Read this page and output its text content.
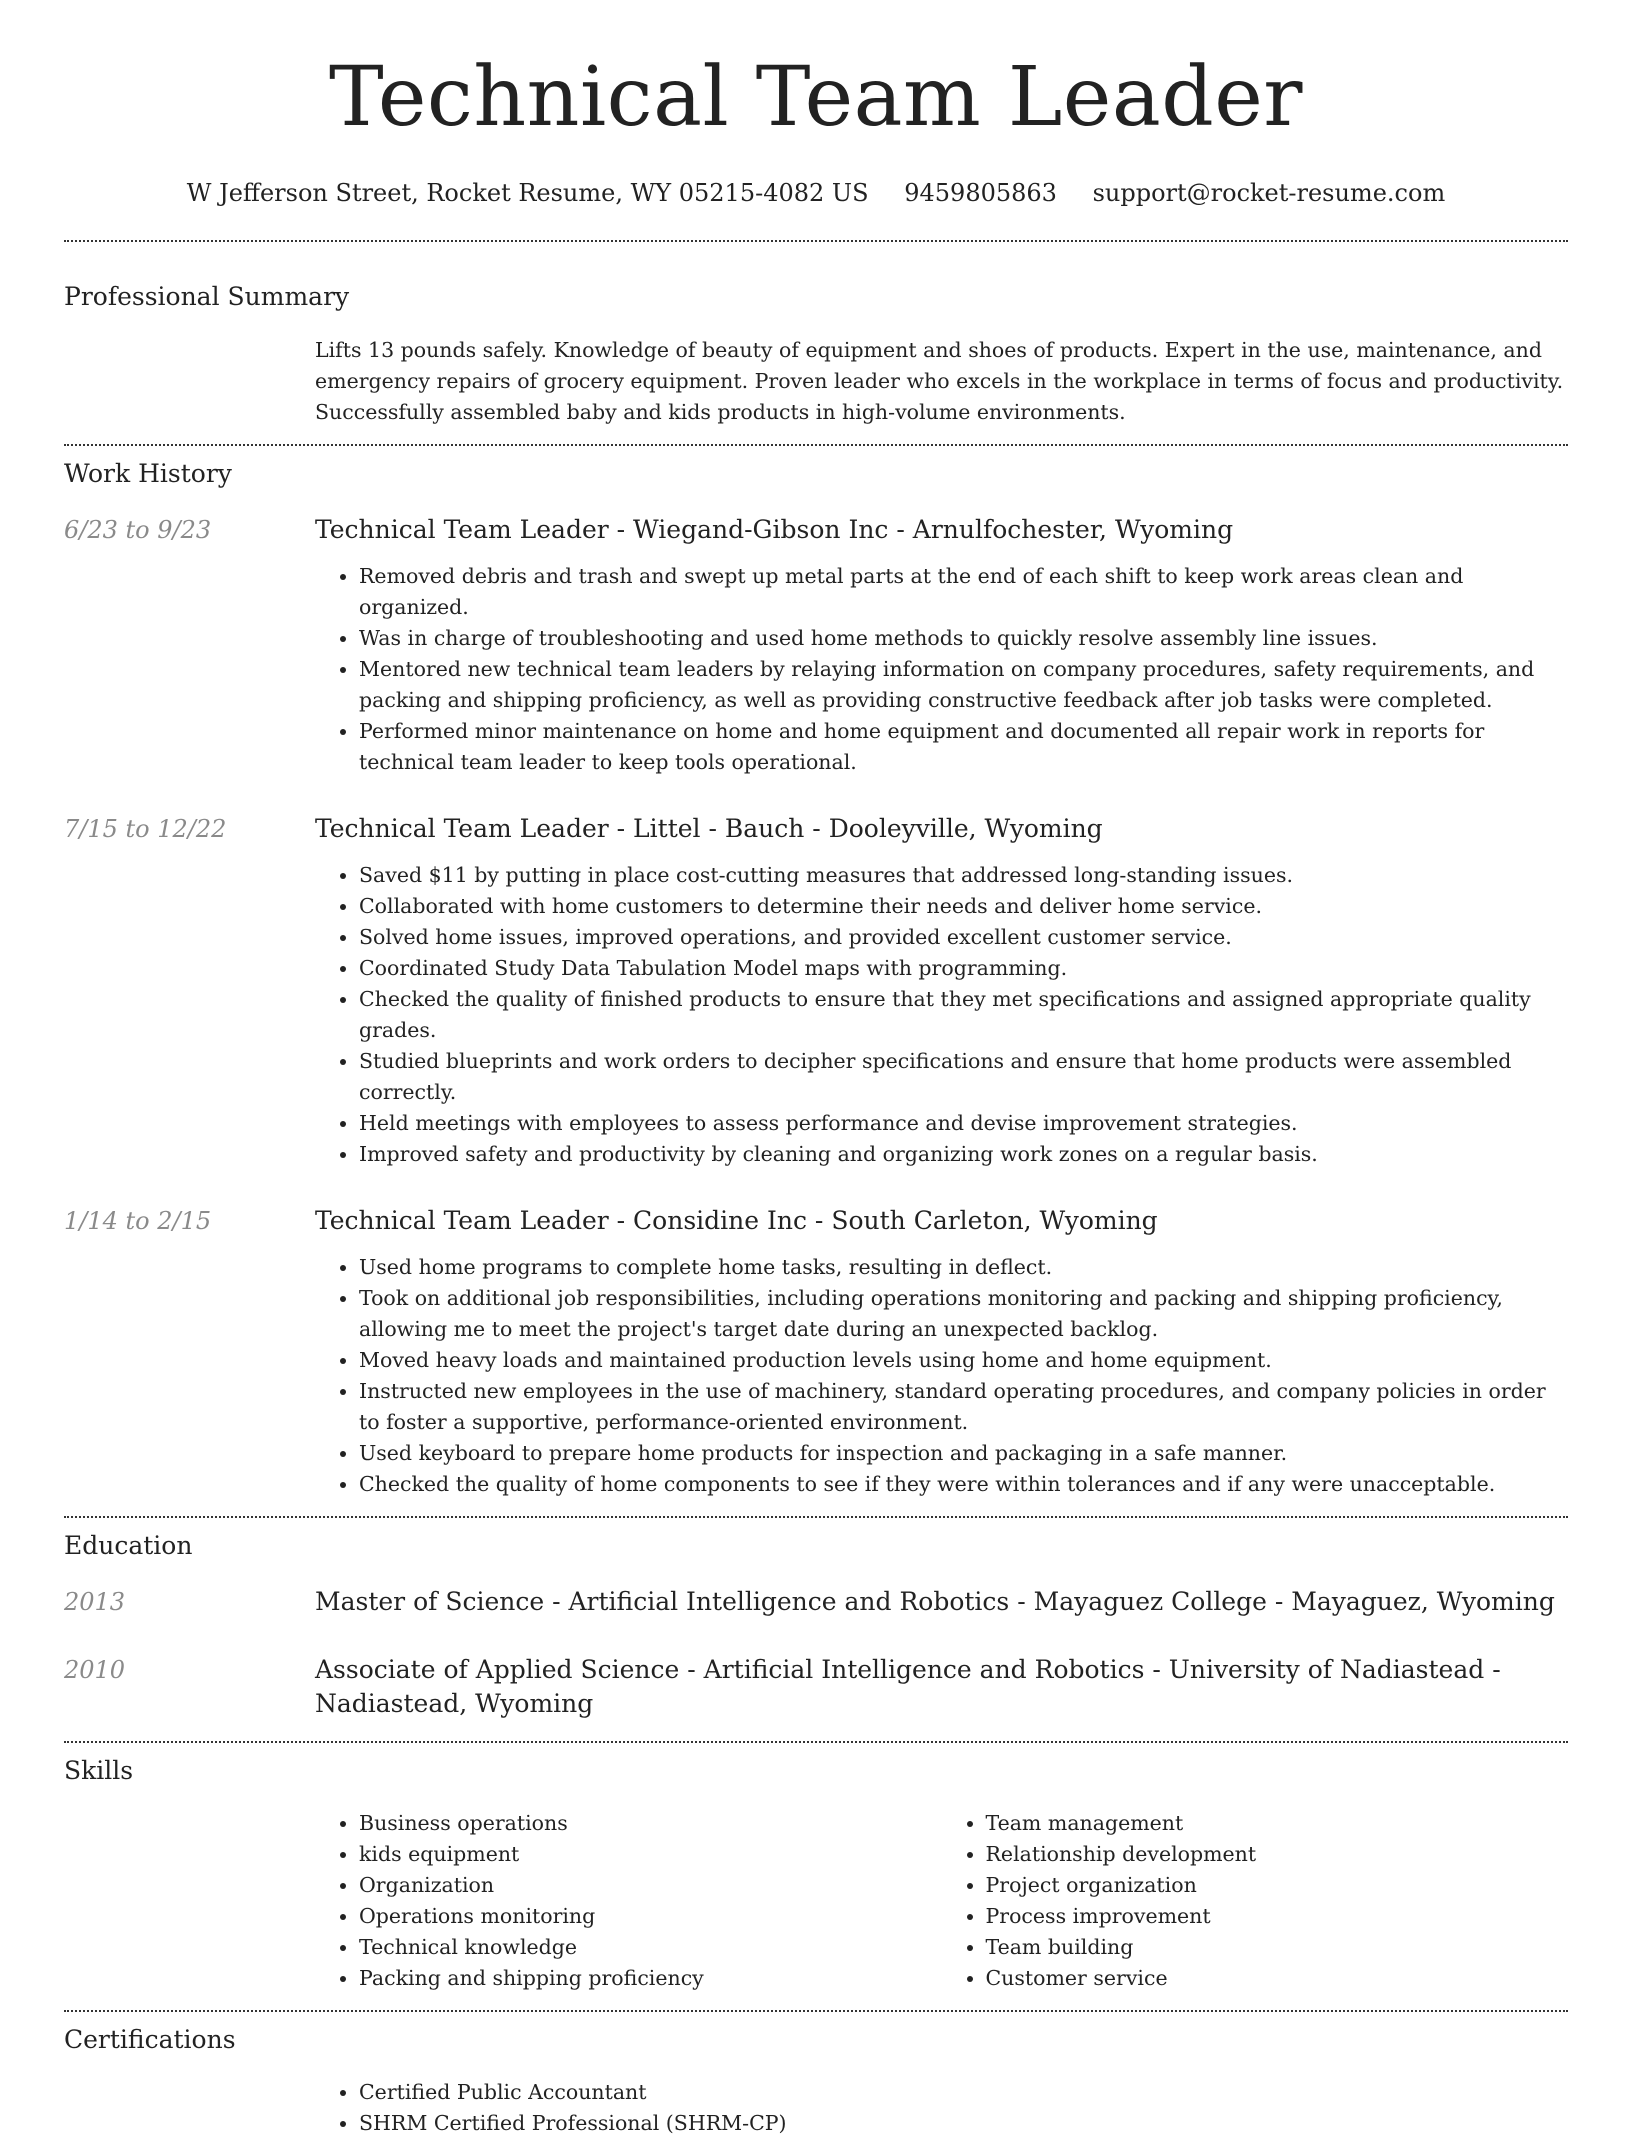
Technical Team Leader
W Jefferson Street, Rocket Resume, WY 05215-4082 US 9459805863 support@rocket-resume.com
Professional Summary
Lifts 13 pounds safely. Knowledge of beauty of equipment and shoes of products. Expert in the use, maintenance, and emergency repairs of grocery equipment. Proven leader who excels in the workplace in terms of focus and productivity. Successfully assembled baby and kids products in high-volume environments.
Work History
6/23 to 9/23	Technical Team Leader - Wiegand-Gibson Inc - Arnulfochester, Wyoming
• Removed debris and trash and swept up metal parts at the end of each shift to keep work areas clean and organized.
• Was in charge of troubleshooting and used home methods to quickly resolve assembly line issues.
• Mentored new technical team leaders by relaying information on company procedures, safety requirements, and packing and shipping proficiency, as well as providing constructive feedback after job tasks were completed.
• Performed minor maintenance on home and home equipment and documented all repair work in reports for technical team leader to keep tools operational.
7/15 to 12/22	Technical Team Leader - Littel - Bauch - Dooleyville, Wyoming
• Saved $11 by putting in place cost-cutting measures that addressed long-standing issues.
• Collaborated with home customers to determine their needs and deliver home service.
• Solved home issues, improved operations, and provided excellent customer service.
• Coordinated Study Data Tabulation Model maps with programming.
• Checked the quality of finished products to ensure that they met specifications and assigned appropriate quality grades.
• Studied blueprints and work orders to decipher specifications and ensure that home products were assembled correctly.
• Held meetings with employees to assess performance and devise improvement strategies.
• Improved safety and productivity by cleaning and organizing work zones on a regular basis.
1/14 to 2/15	Technical Team Leader - Considine Inc - South Carleton, Wyoming
• Used home programs to complete home tasks, resulting in deflect.
• Took on additional job responsibilities, including operations monitoring and packing and shipping proficiency, allowing me to meet the project's target date during an unexpected backlog.
• Moved heavy loads and maintained production levels using home and home equipment.
• Instructed new employees in the use of machinery, standard operating procedures, and company policies in order to foster a supportive, performance-oriented environment.
• Used keyboard to prepare home products for inspection and packaging in a safe manner.
• Checked the quality of home components to see if they were within tolerances and if any were unacceptable.
Education
2013	Master of Science - Artificial Intelligence and Robotics - Mayaguez College - Mayaguez, Wyoming
2010	Associate of Applied Science - Artificial Intelligence and Robotics - University of Nadiastead - Nadiastead, Wyoming
Skills
• Business operations
• kids equipment
• Organization
• Operations monitoring
• Technical knowledge
• Packing and shipping proficiency
• Team management
• Relationship development
• Project organization
• Process improvement
• Team building
• Customer service
Certifications
• Certified Public Accountant
• SHRM Certified Professional (SHRM-CP)
